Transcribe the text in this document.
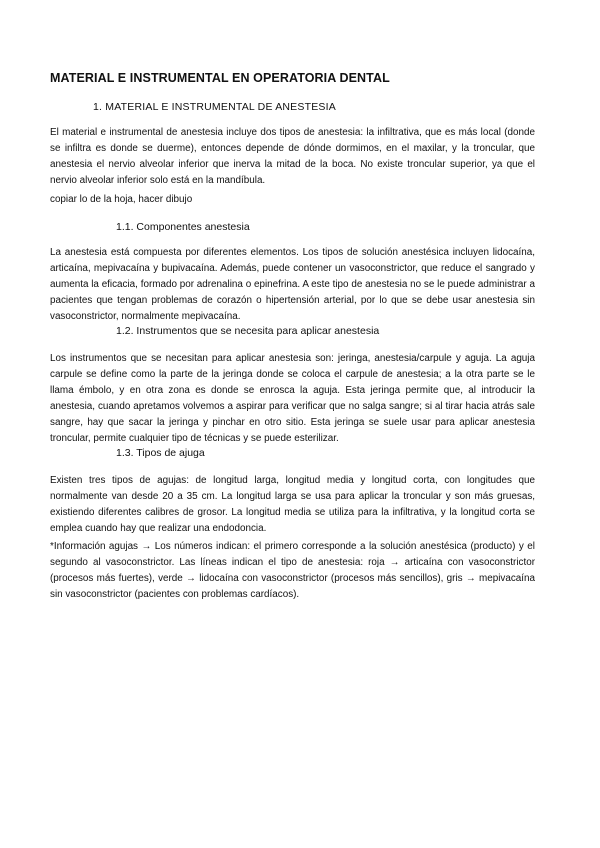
MATERIAL E INSTRUMENTAL EN OPERATORIA DENTAL

1. MATERIAL E INSTRUMENTAL DE ANESTESIA

El material e instrumental de anestesia incluye dos tipos de anestesia: la infiltrativa, que es más local (donde se infiltra es donde se duerme), entonces depende de dónde dormimos, en el maxilar, y la troncular, que anestesia el nervio alveolar inferior que inerva la mitad de la boca. No existe troncular superior, ya que el nervio alveolar inferior solo está en la mandíbula.

copiar lo de la hoja, hacer dibujo

1.1. Componentes anestesia

La anestesia está compuesta por diferentes elementos. Los tipos de solución anestésica incluyen lidocaína, articaína, mepivacaína y bupivacaína. Además, puede contener un vasoconstrictor, que reduce el sangrado y aumenta la eficacia, formado por adrenalina o epinefrina. A este tipo de anestesia no se le puede administrar a pacientes que tengan problemas de corazón o hipertensión arterial, por lo que se debe usar anestesia sin vasoconstrictor, normalmente mepivacaína.

1.2. Instrumentos que se necesita para aplicar anestesia

Los instrumentos que se necesitan para aplicar anestesia son: jeringa, anestesia/carpule y aguja. La aguja carpule se define como la parte de la jeringa donde se coloca el carpule de anestesia; a la otra parte se le llama émbolo, y en otra zona es donde se enrosca la aguja. Esta jeringa permite que, al introducir la anestesia, cuando apretamos volvemos a aspirar para verificar que no salga sangre; si al tirar hacia atrás sale sangre, hay que sacar la jeringa y pinchar en otro sitio. Esta jeringa se suele usar para aplicar anestesia troncular, permite cualquier tipo de técnicas y se puede esterilizar.

1.3. Tipos de ajuga

Existen tres tipos de agujas: de longitud larga, longitud media y longitud corta, con longitudes que normalmente van desde 20 a 35 cm. La longitud larga se usa para aplicar la troncular y son más gruesas, existiendo diferentes calibres de grosor. La longitud media se utiliza para la infiltrativa, y la longitud corta se emplea cuando hay que realizar una endodoncia.

*Información agujas → Los números indican: el primero corresponde a la solución anestésica (producto) y el segundo al vasoconstrictor. Las líneas indican el tipo de anestesia: roja → articaína con vasoconstrictor (procesos más fuertes), verde → lidocaína con vasoconstrictor (procesos más sencillos), gris → mepivacaína sin vasoconstrictor (pacientes con problemas cardíacos).
